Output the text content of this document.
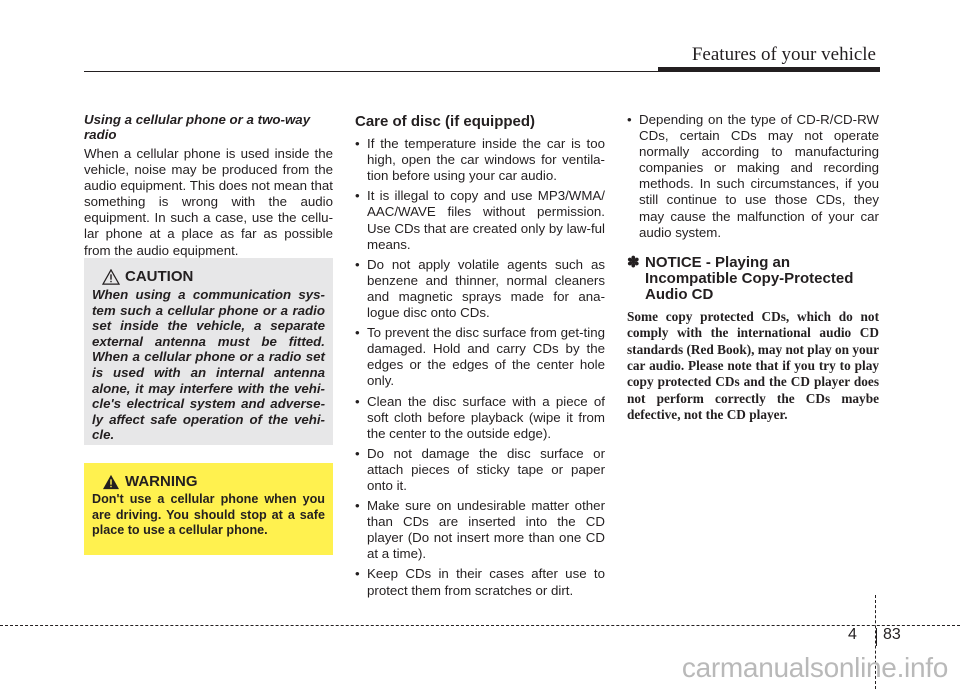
Features of your vehicle

Using a cellular phone or a two-way radio

When a cellular phone is used inside the vehicle, noise may be produced from the audio equipment. This does not mean that something is wrong with the audio equipment. In such a case, use the cellu-lar phone at a place as far as possible from the audio equipment.

CAUTION

When using a communication sys-tem such a cellular phone or a radio set inside the vehicle, a separate external antenna must be fitted. When a cellular phone or a radio set is used with an internal antenna alone, it may interfere with the vehi-cle's electrical system and adverse-ly affect safe operation of the vehi-cle.

WARNING

Don't use a cellular phone when you are driving. You should stop at a safe place to use a cellular phone.

Care of disc (if equipped)
• If the temperature inside the car is too high, open the car windows for ventila-tion before using your car audio.
• It is illegal to copy and use MP3/WMA/ AAC/WAVE files without permission. Use CDs that are created only by law-ful means.
• Do not apply volatile agents such as benzene and thinner, normal cleaners and magnetic sprays made for ana-logue disc onto CDs.
• To prevent the disc surface from get-ting damaged. Hold and carry CDs by the edges or the edges of the center hole only.
• Clean the disc surface with a piece of soft cloth before playback (wipe it from the center to the outside edge).
• Do not damage the disc surface or attach pieces of sticky tape or paper onto it.
• Make sure on undesirable matter other than CDs are inserted into the CD player (Do not insert more than one CD at a time).
• Keep CDs in their cases after use to protect them from scratches or dirt.
• Depending on the type of CD-R/CD-RW CDs, certain CDs may not operate normally according to manufacturing companies or making and recording methods. In such circumstances, if you still continue to use those CDs, they may cause the malfunction of your car audio system.
✽ NOTICE - Playing an Incompatible Copy-Protected Audio CD

Some copy protected CDs, which do not comply with the international audio CD standards (Red Book), may not play on your car audio. Please note that if you try to play copy protected CDs and the CD player does not perform correctly the CDs maybe defective, not the CD player.

4 83
carmanualsonline.info
